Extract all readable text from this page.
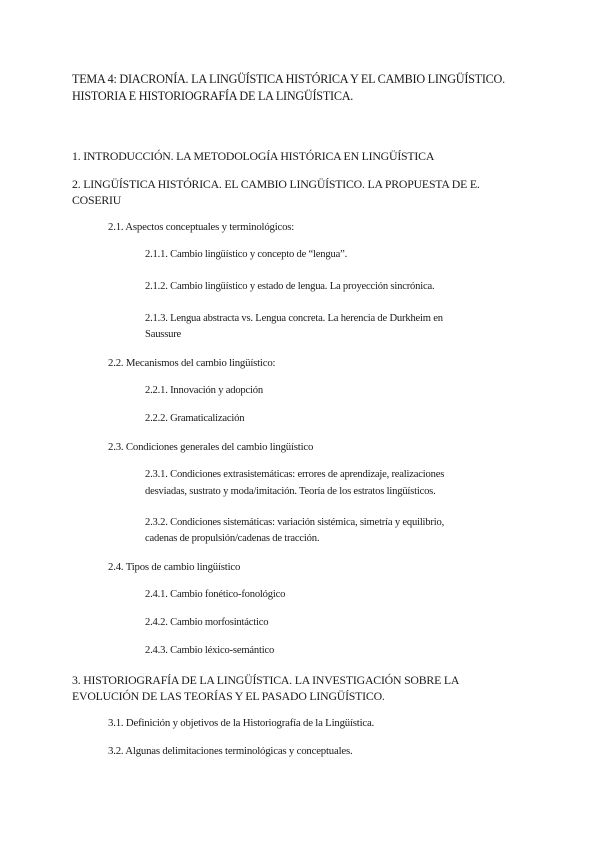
TEMA 4: DIACRONÍA. LA LINGÜÍSTICA HISTÓRICA Y EL CAMBIO LINGÜÍSTICO.
HISTORIA E HISTORIOGRAFÍA DE LA LINGÜÍSTICA.
1. INTRODUCCIÓN. LA METODOLOGÍA HISTÓRICA EN LINGÜÍSTICA
2. LINGÜÍSTICA HISTÓRICA. EL CAMBIO LINGÜÍSTICO. LA PROPUESTA DE E.
COSERIU
2.1. Aspectos conceptuales y terminológicos:
2.1.1. Cambio lingüístico y concepto de “lengua”.
2.1.2. Cambio lingüístico y estado de lengua. La proyección sincrónica.
2.1.3. Lengua abstracta vs. Lengua concreta. La herencia de Durkheim en
Saussure
2.2. Mecanismos del cambio lingüístico:
2.2.1. Innovación y adopción
2.2.2. Gramaticalización
2.3. Condiciones generales del cambio lingüístico
2.3.1. Condiciones extrasistemáticas: errores de aprendizaje, realizaciones
desviadas, sustrato y moda/imitación. Teoría de los estratos lingüísticos.
2.3.2. Condiciones sistemáticas: variación sistémica, simetría y equilibrio,
cadenas de propulsión/cadenas de tracción.
2.4. Tipos de cambio lingüístico
2.4.1. Cambio fonético-fonológico
2.4.2. Cambio morfosintáctico
2.4.3. Cambio léxico-semántico
3. HISTORIOGRAFÍA DE LA LINGÜÍSTICA. LA INVESTIGACIÓN SOBRE LA
EVOLUCIÓN DE LAS TEORÍAS Y EL PASADO LINGÜÍSTICO.
3.1. Definición y objetivos de la Historiografía de la Lingüística.
3.2. Algunas delimitaciones terminológicas y conceptuales.
